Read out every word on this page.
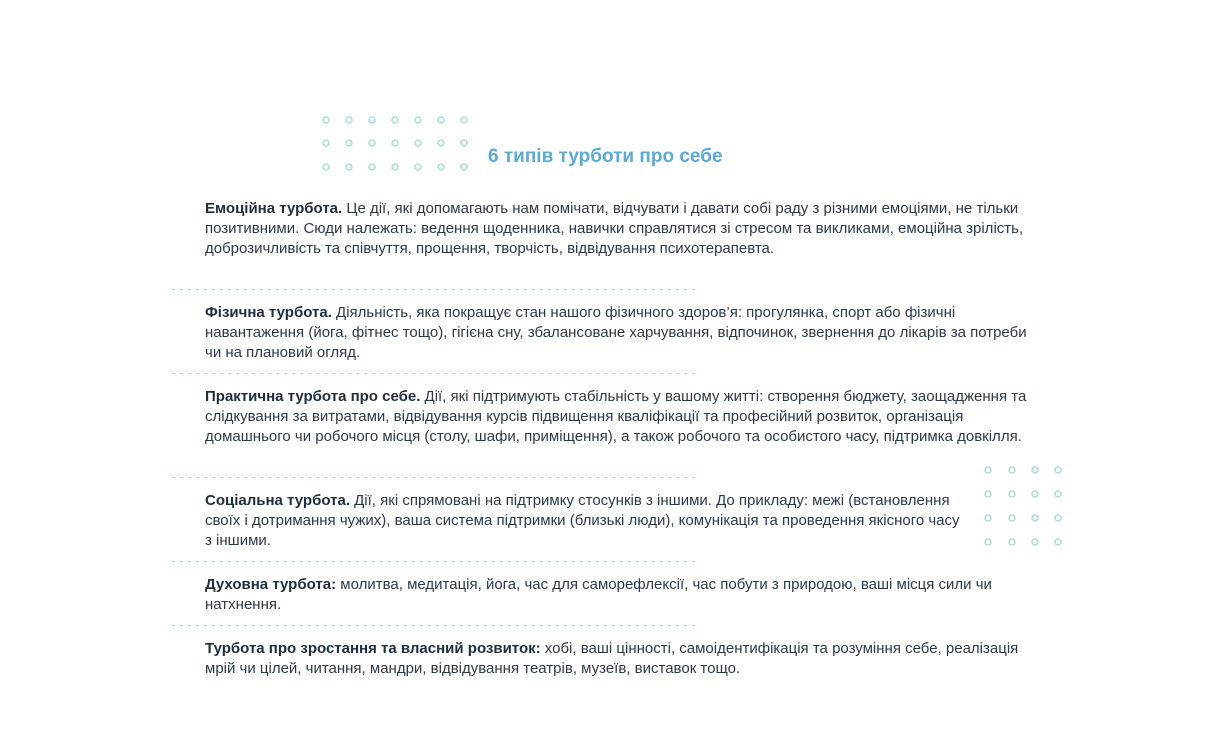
6 типів турботи про себе
Емоційна турбота. Це дії, які допомагають нам помічати, відчувати і давати собі раду з різними емоціями, не тільки позитивними. Сюди належать: ведення щоденника, навички справлятися зі стресом та викликами, емоційна зрілість, доброзичливість та співчуття, прощення, творчість, відвідування психотерапевта.
Фізична турбота. Діяльність, яка покращує стан нашого фізичного здоров’я: прогулянка, спорт або фізичні навантаження (йога, фітнес тощо), гігієна сну, збалансоване харчування, відпочинок, звернення до лікарів за потреби чи на плановий огляд.
Практична турбота про себе. Дії, які підтримують стабільність у вашому житті: створення бюджету, заощадження та слідкування за витратами, відвідування курсів підвищення кваліфікації та професійний розвиток, організація домашнього чи робочого місця (столу, шафи, приміщення), а також робочого та особистого часу, підтримка довкілля.
Соціальна турбота. Дії, які спрямовані на підтримку стосунків з іншими. До прикладу: межі (встановлення своїх і дотримання чужих), ваша система підтримки (близькі люди), комунікація та проведення якісного часу з іншими.
Духовна турбота: молитва, медитація, йога, час для саморефлексії, час побути з природою, ваші місця сили чи натхнення.
Турбота про зростання та власний розвиток: хобі, ваші цінності, самоідентифікація та розуміння себе, реалізація мрій чи цілей, читання, мандри, відвідування театрів, музеїв, виставок тощо.
